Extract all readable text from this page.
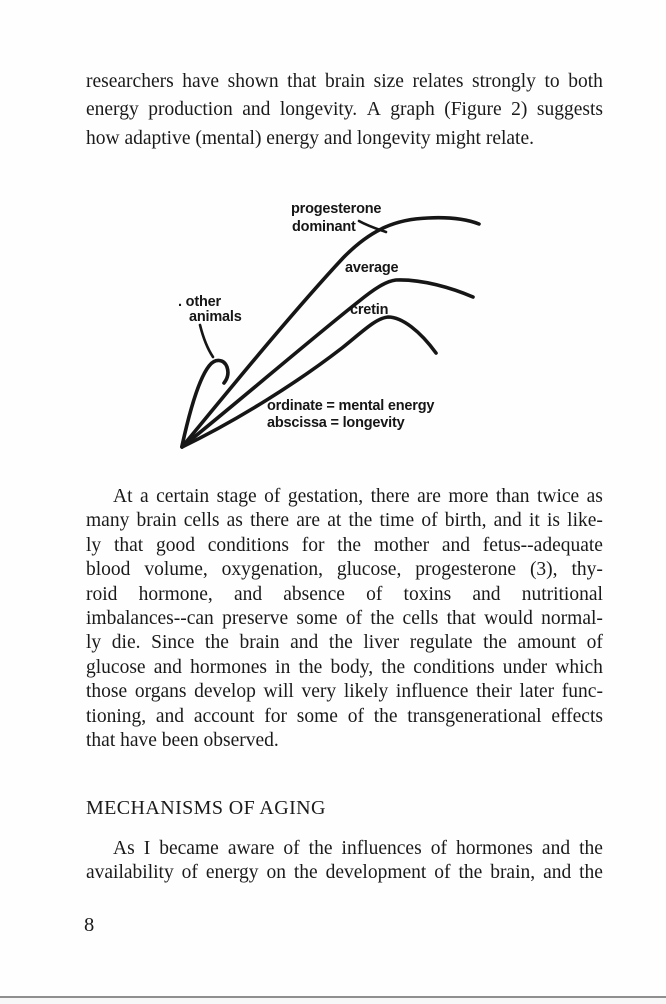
researchers have shown that brain size relates strongly to both
energy production and longevity. A graph (Figure 2) suggests
how adaptive (mental) energy and longevity might relate.
progesterone
dominant
average
cretin
. other
animals
ordinate = mental energy
abscissa = longevity
At a certain stage of gestation, there are more than twice as
many brain cells as there are at the time of birth, and it is like-
ly that good conditions for the mother and fetus--adequate
blood volume, oxygenation, glucose, progesterone (3), thy-
roid hormone, and absence of toxins and nutritional
imbalances--can preserve some of the cells that would normal-
ly die. Since the brain and the liver regulate the amount of
glucose and hormones in the body, the conditions under which
those organs develop will very likely influence their later func-
tioning, and account for some of the transgenerational effects
that have been observed.
MECHANISMS OF AGING
As I became aware of the influences of hormones and the
availability of energy on the development of the brain, and the
8
